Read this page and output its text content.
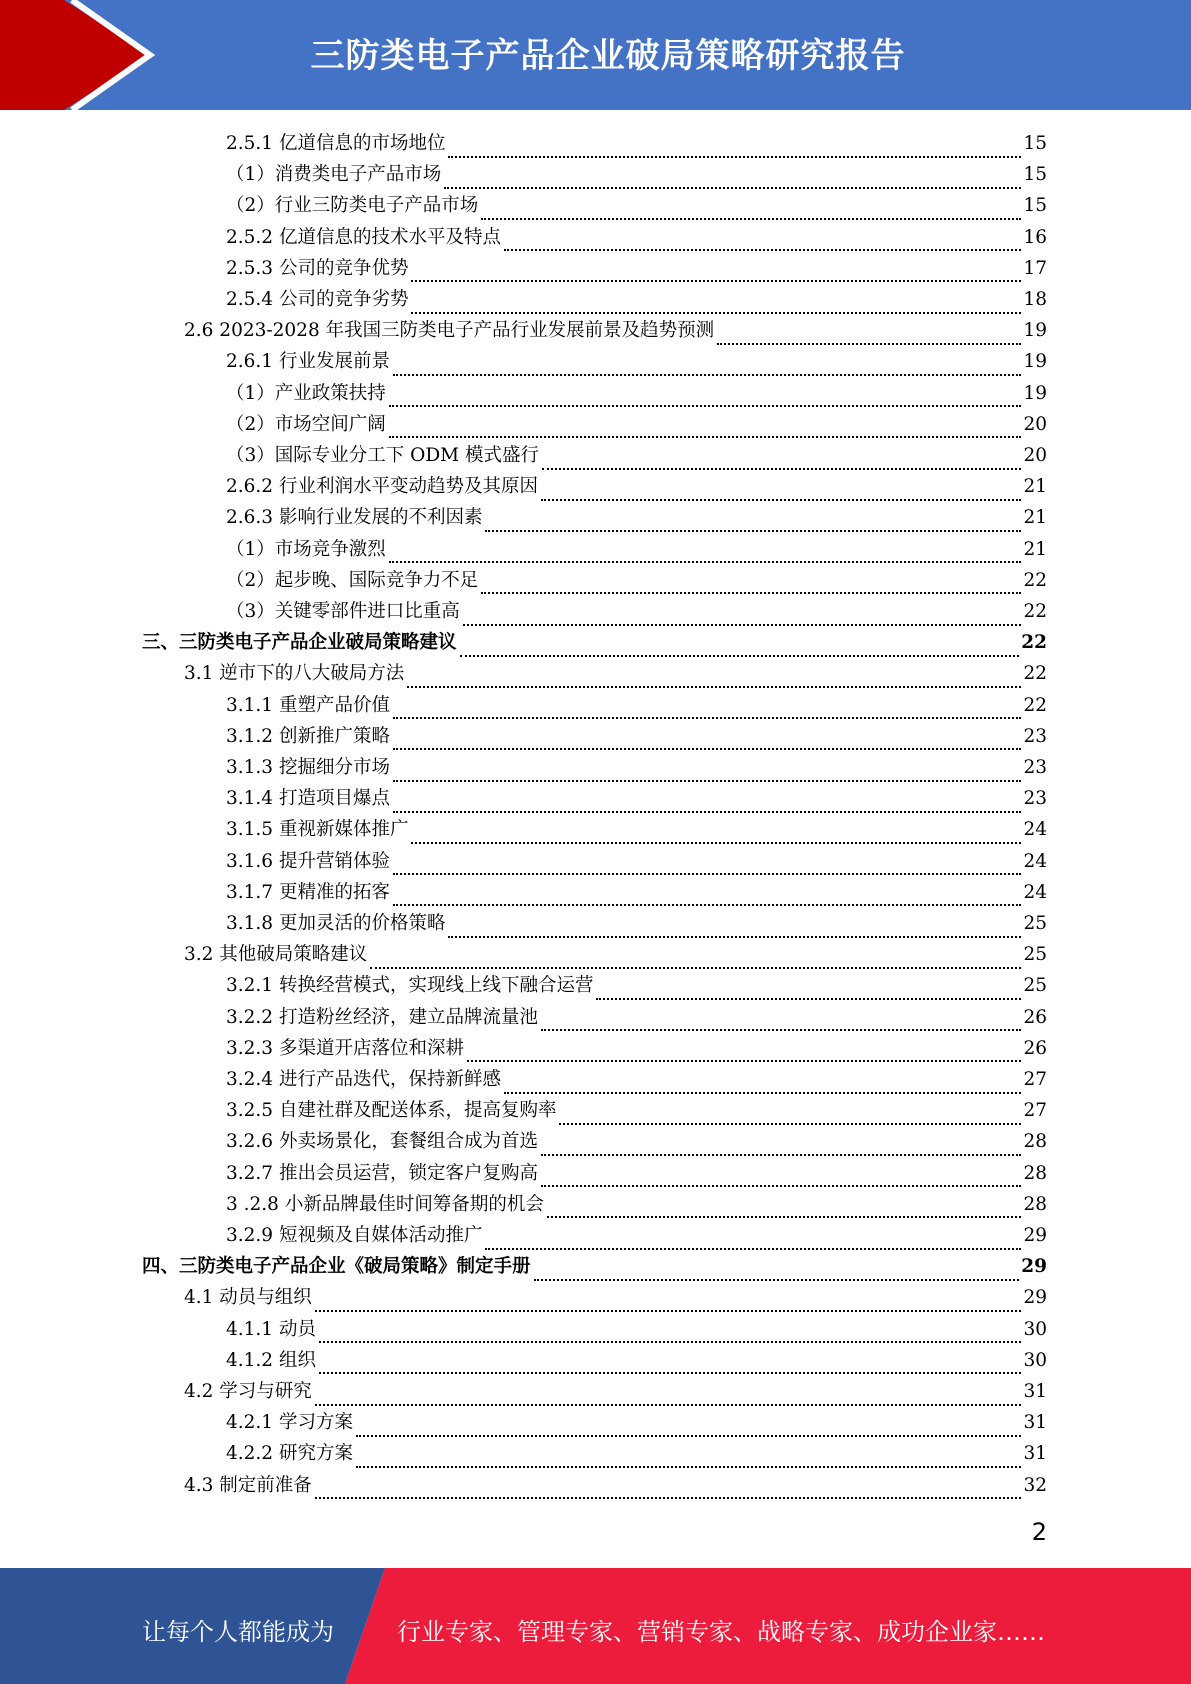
三防类电子产品企业破局策略研究报告
2.5.1 亿道信息的市场地位	15
（1）消费类电子产品市场	15
（2）行业三防类电子产品市场	15
2.5.2 亿道信息的技术水平及特点	16
2.5.3 公司的竞争优势	17
2.5.4 公司的竞争劣势	18
2.6 2023-2028 年我国三防类电子产品行业发展前景及趋势预测	19
2.6.1 行业发展前景	19
（1）产业政策扶持	19
（2）市场空间广阔	20
（3）国际专业分工下 ODM 模式盛行	20
2.6.2 行业利润水平变动趋势及其原因	21
2.6.3 影响行业发展的不利因素	21
（1）市场竞争激烈	21
（2）起步晚、国际竞争力不足	22
（3）关键零部件进口比重高	22
三、三防类电子产品企业破局策略建议	22
3.1 逆市下的八大破局方法	22
3.1.1 重塑产品价值	22
3.1.2 创新推广策略	23
3.1.3 挖掘细分市场	23
3.1.4 打造项目爆点	23
3.1.5 重视新媒体推广	24
3.1.6 提升营销体验	24
3.1.7 更精准的拓客	24
3.1.8 更加灵活的价格策略	25
3.2 其他破局策略建议	25
3.2.1 转换经营模式，实现线上线下融合运营	25
3.2.2 打造粉丝经济，建立品牌流量池	26
3.2.3 多渠道开店落位和深耕	26
3.2.4 进行产品迭代，保持新鲜感	27
3.2.5 自建社群及配送体系，提高复购率	27
3.2.6 外卖场景化，套餐组合成为首选	28
3.2.7 推出会员运营，锁定客户复购高	28
3 .2.8 小新品牌最佳时间筹备期的机会	28
3.2.9 短视频及自媒体活动推广	29
四、三防类电子产品企业《破局策略》制定手册	29
4.1 动员与组织	29
4.1.1 动员	30
4.1.2 组织	30
4.2 学习与研究	31
4.2.1 学习方案	31
4.2.2 研究方案	31
4.3 制定前准备	32
2
让每个人都能成为	行业专家、管理专家、营销专家、战略专家、成功企业家……
